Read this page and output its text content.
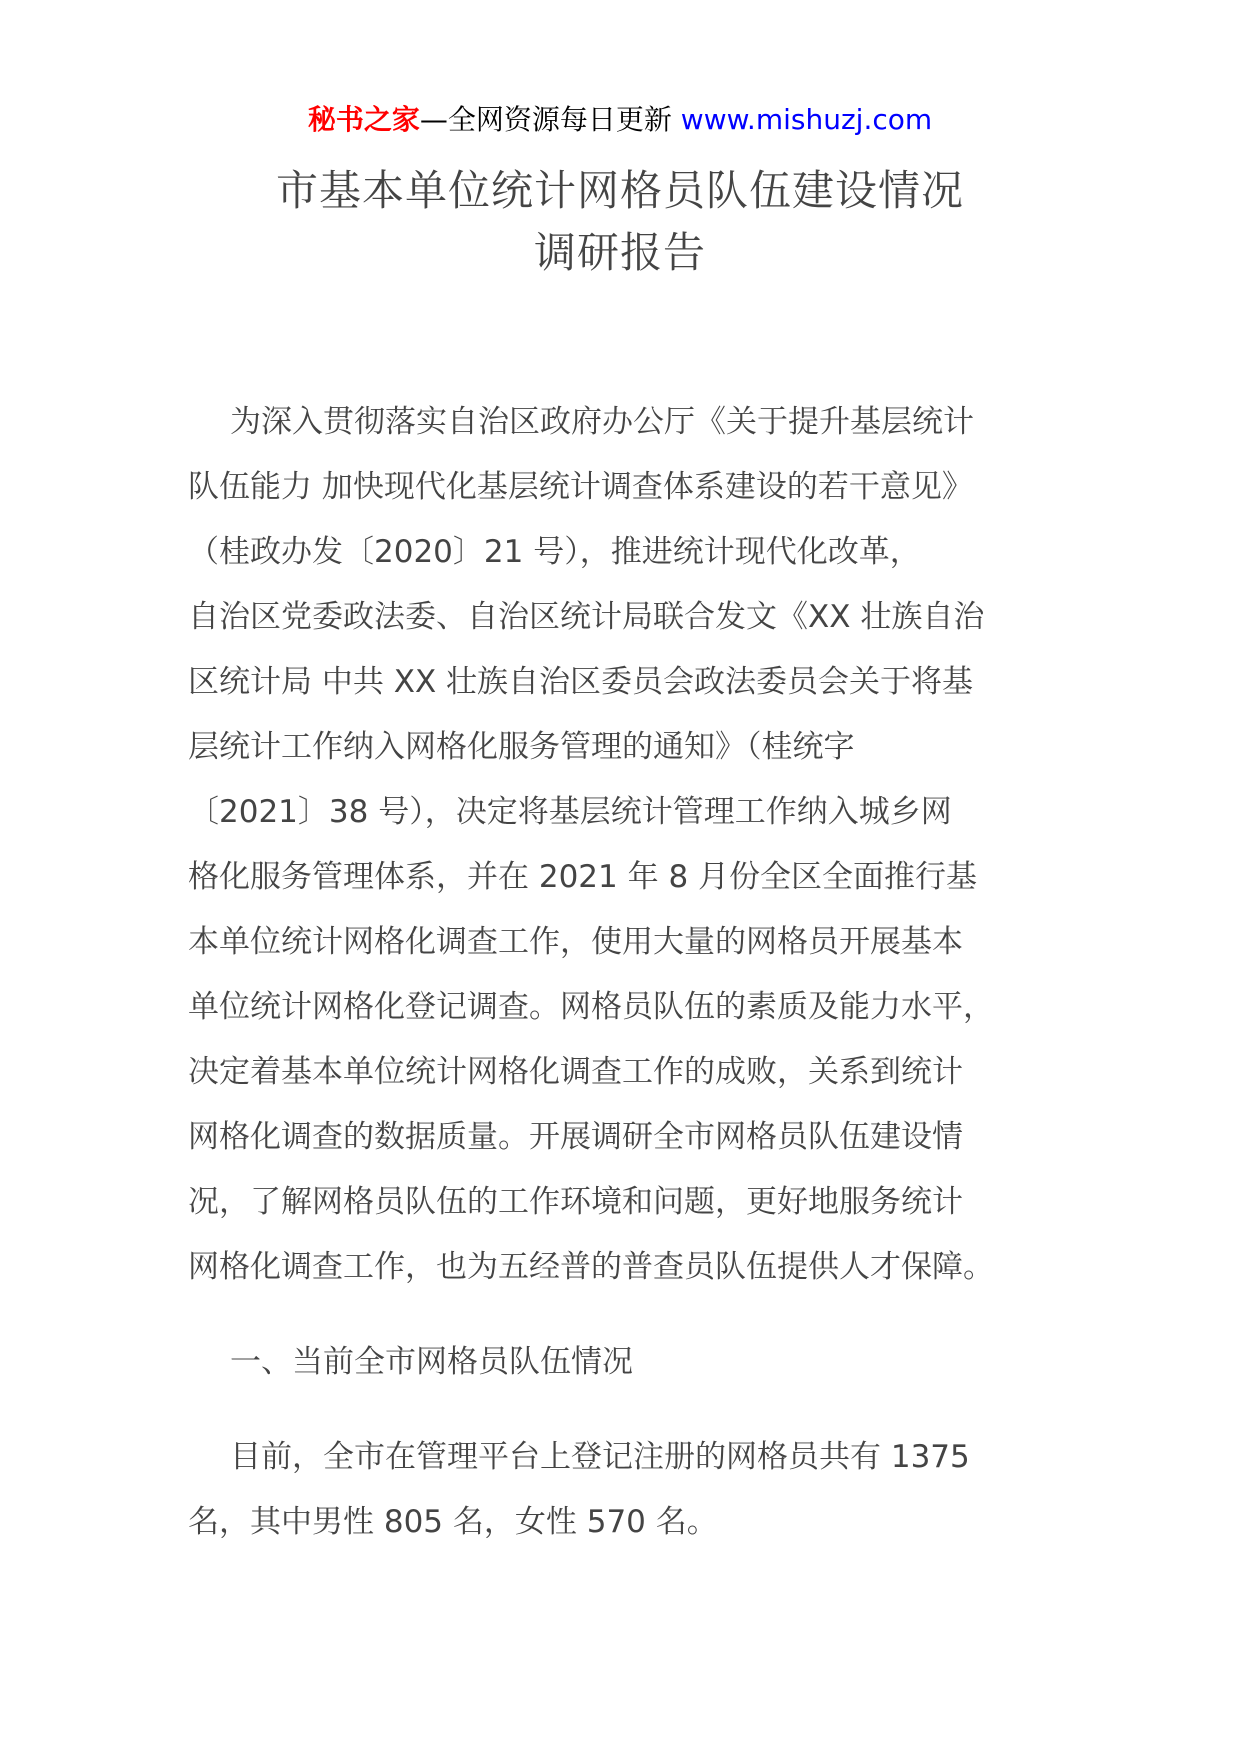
秘书之家—全网资源每日更新 www.mishuzj.com
市基本单位统计网格员队伍建设情况
调研报告
为深入贯彻落实自治区政府办公厅《关于提升基层统计
队伍能力 加快现代化基层统计调查体系建设的若干意见》
（桂政办发〔2020〕21 号），推进统计现代化改革，
自治区党委政法委、自治区统计局联合发文《XX 壮族自治
区统计局 中共 XX 壮族自治区委员会政法委员会关于将基
层统计工作纳入网格化服务管理的通知》（桂统字
〔2021〕38 号），决定将基层统计管理工作纳入城乡网
格化服务管理体系，并在 2021 年 8 月份全区全面推行基
本单位统计网格化调查工作，使用大量的网格员开展基本
单位统计网格化登记调查。网格员队伍的素质及能力水平，
决定着基本单位统计网格化调查工作的成败，关系到统计
网格化调查的数据质量。开展调研全市网格员队伍建设情
况，了解网格员队伍的工作环境和问题，更好地服务统计
网格化调查工作，也为五经普的普查员队伍提供人才保障。
一、当前全市网格员队伍情况
目前，全市在管理平台上登记注册的网格员共有 1375
名，其中男性 805 名，女性 570 名。
